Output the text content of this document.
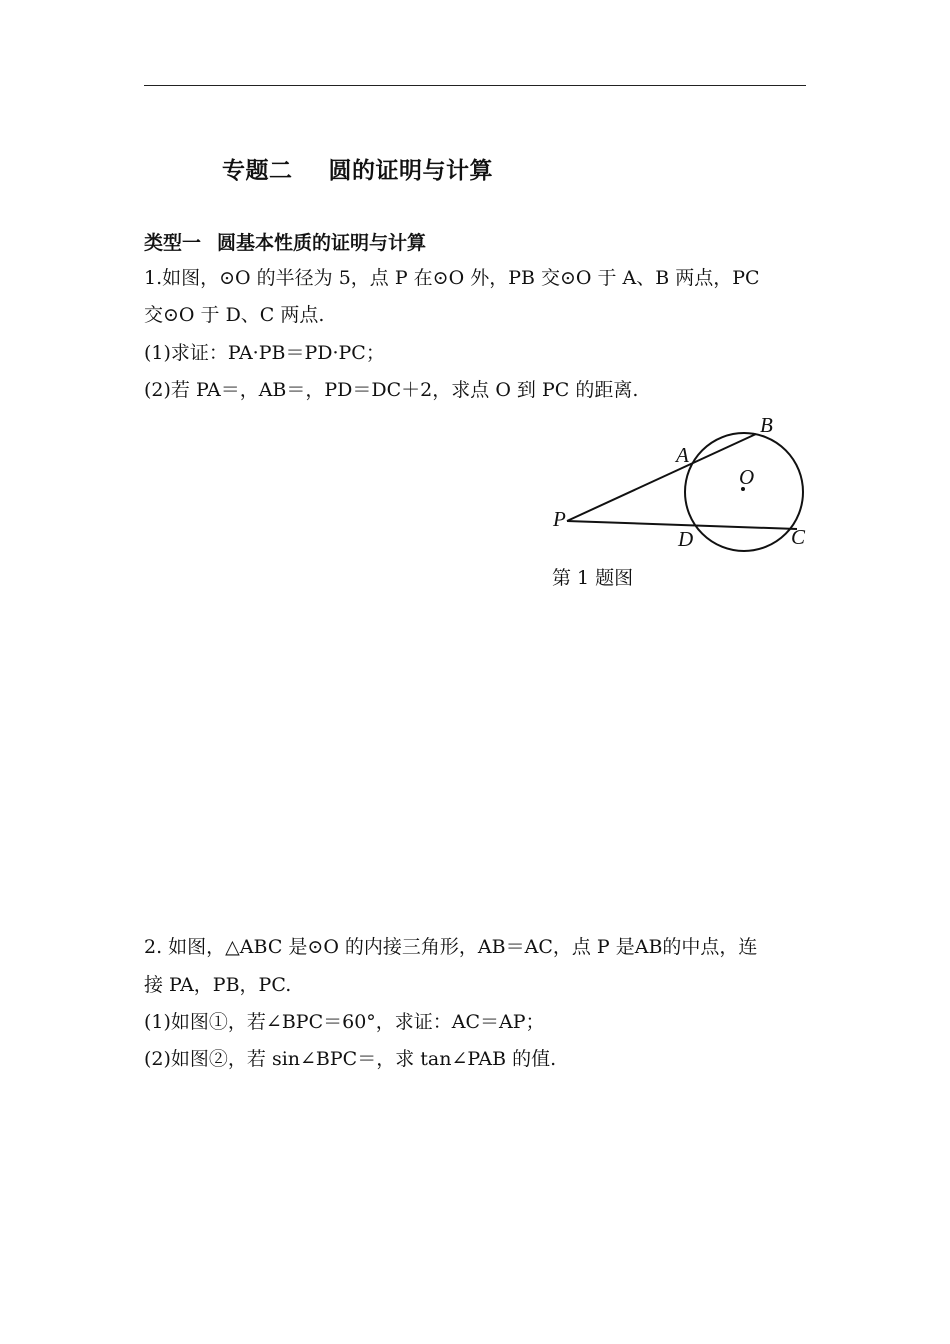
专题二 圆的证明与计算
类型一 圆基本性质的证明与计算
1.如图，⊙O 的半径为 5，点 P 在⊙O 外，PB 交⊙O 于 A、B 两点，PC
交⊙O 于 D、C 两点.
(1)求证：PA·PB＝PD·PC；
(2)若 PA＝，AB＝，PD＝DC＋2，求点 O 到 PC 的距离.
B
A
O
P
D	C
第 1 题图
2. 如图，△ABC 是⊙O 的内接三角形，AB＝AC，点 P 是AB的中点，连
接 PA，PB，PC.
(1)如图①，若∠BPC＝60°，求证：AC＝AP；
(2)如图②，若 sin∠BPC＝，求 tan∠PAB 的值.
